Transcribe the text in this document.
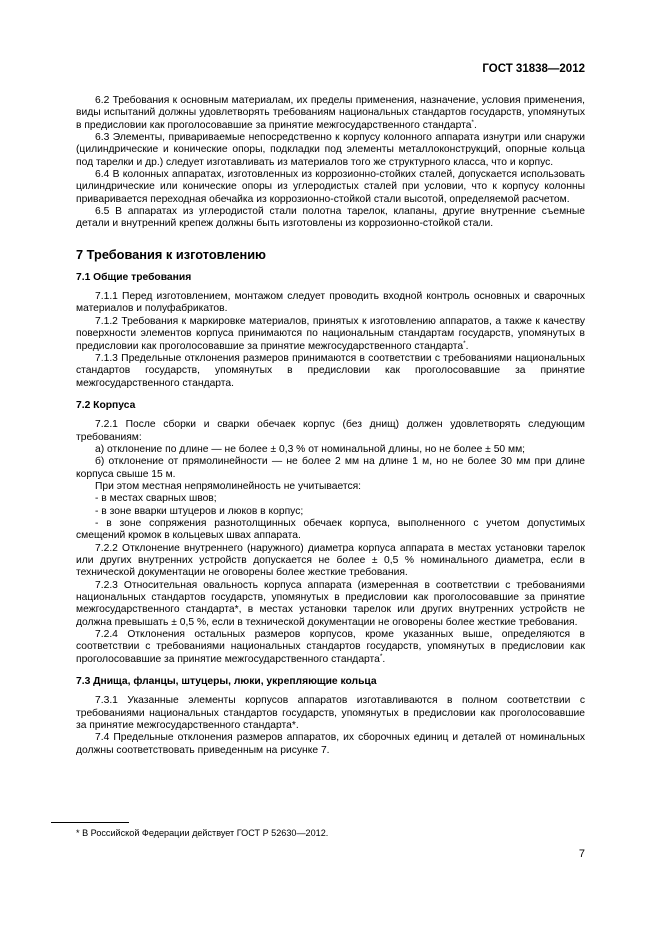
ГОСТ 31838—2012

6.2 Требования к основным материалам, их пределы применения, назначение, условия применения, виды испытаний должны удовлетворять требованиям национальных стандартов государств, упомянутых в предисловии как проголосовавшие за принятие межгосударственного стандарта*.

6.3 Элементы, привариваемые непосредственно к корпусу колонного аппарата изнутри или снаружи (цилиндрические и конические опоры, подкладки под элементы металлоконструкций, опорные кольца под тарелки и др.) следует изготавливать из материалов того же структурного класса, что и корпус.

6.4 В колонных аппаратах, изготовленных из коррозионно-стойких сталей, допускается использовать цилиндрические или конические опоры из углеродистых сталей при условии, что к корпусу колонны приваривается переходная обечайка из коррозионно-стойкой стали высотой, определяемой расчетом.

6.5 В аппаратах из углеродистой стали полотна тарелок, клапаны, другие внутренние съемные детали и внутренний крепеж должны быть изготовлены из коррозионно-стойкой стали.

7 Требования к изготовлению
7.1 Общие требования

7.1.1 Перед изготовлением, монтажом следует проводить входной контроль основных и сварочных материалов и полуфабрикатов.

7.1.2 Требования к маркировке материалов, принятых к изготовлению аппаратов, а также к качеству поверхности элементов корпуса принимаются по национальным стандартам государств, упомянутых в предисловии как проголосовавшие за принятие межгосударственного стандарта*.

7.1.3 Предельные отклонения размеров принимаются в соответствии с требованиями национальных стандартов государств, упомянутых в предисловии как проголосовавшие за принятие межгосударственного стандарта.

7.2 Корпуса

7.2.1 После сборки и сварки обечаек корпус (без днищ) должен удовлетворять следующим требованиям:

а) отклонение по длине — не более ± 0,3 % от номинальной длины, но не более ± 50 мм;

б) отклонение от прямолинейности — не более 2 мм на длине 1 м, но не более 30 мм при длине корпуса свыше 15 м.

При этом местная непрямолинейность не учитывается:

- в местах сварных швов;

- в зоне вварки штуцеров и люков в корпус;

- в зоне сопряжения разнотолщинных обечаек корпуса, выполненного с учетом допустимых смещений кромок в кольцевых швах аппарата.

7.2.2 Отклонение внутреннего (наружного) диаметра корпуса аппарата в местах установки тарелок или других внутренних устройств допускается не более ± 0,5 % номинального диаметра, если в технической документации не оговорены более жесткие требования.

7.2.3 Относительная овальность корпуса аппарата (измеренная в соответствии с требованиями национальных стандартов государств, упомянутых в предисловии как проголосовавшие за принятие межгосударственного стандарта*, в местах установки тарелок или других внутренних устройств не должна превышать ± 0,5 %, если в технической документации не оговорены более жесткие требования.

7.2.4 Отклонения остальных размеров корпусов, кроме указанных выше, определяются в соответствии с требованиями национальных стандартов государств, упомянутых в предисловии как проголосовавшие за принятие межгосударственного стандарта*.

7.3 Днища, фланцы, штуцеры, люки, укрепляющие кольца

7.3.1 Указанные элементы корпусов аппаратов изготавливаются в полном соответствии с требованиями национальных стандартов государств, упомянутых в предисловии как проголосовавшие за принятие межгосударственного стандарта*.

7.4 Предельные отклонения размеров аппаратов, их сборочных единиц и деталей от номинальных должны соответствовать приведенным на рисунке 7.

* В Российской Федерации действует ГОСТ Р 52630—2012.
7
